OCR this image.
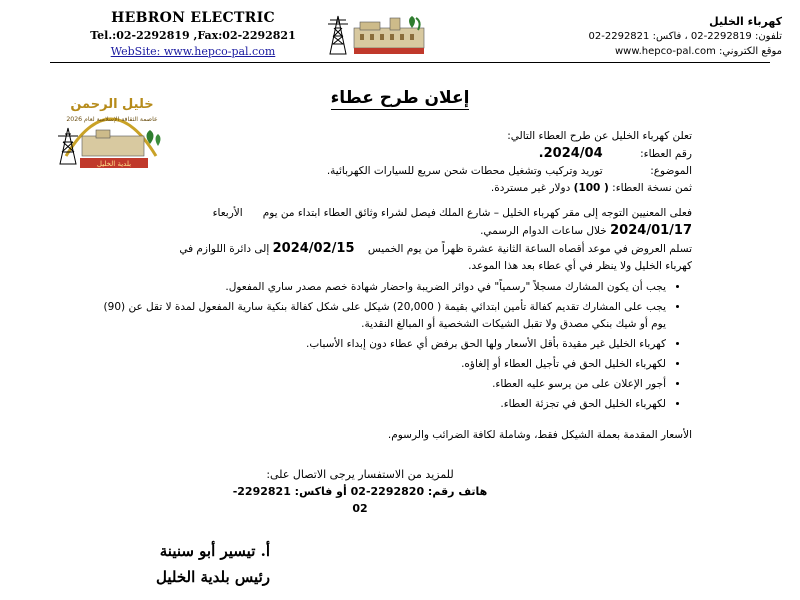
HEBRON ELECTRIC
Tel.:02-2292819 ,Fax:02-2292821
WebSite: www.hepco-pal.com
كهرباء الخليل
تلفون: 2292819-02 ، فاكس: 2292821-02
موقع الكتروني: www.hepco-pal.com
إعلان طرح عطاء
خليل الرحمن
عاصمة الثقافة الإسلامية لعام 2026
بلدية الخليل
تعلن كهرباء الخليل عن طرح العطاء التالي:
رقم العطاء: 2024/04.
الموضوع: توريد وتركيب وتشغيل محطات شحن سريع للسيارات الكهربائية.
ثمن نسخة العطاء: ( 100) دولار غير مستردة.
فعلى المعنيين التوجه إلى مقر كهرباء الخليل – شارع الملك فيصل لشراء وثائق العطاء ابتداء من يوم      الأربعاء
2024/01/17 خلال ساعات الدوام الرسمي.
تسلم العروض في موعد أقصاه الساعة الثانية عشرة ظهراً من يوم الخميس    2024/02/15 إلى دائرة اللوازم في
كهرباء الخليل ولا ينظر في أي عطاء بعد هذا الموعد.
• يجب أن يكون المشارك مسجلاً "رسمياً" في دوائر الضريبة واحضار شهادة خصم مصدر ساري المفعول.
• يجب على المشارك تقديم كفالة تأمين ابتدائي بقيمة ( 20,000) شيكل على شكل كفالة بنكية سارية المفعول لمدة لا تقل عن (90) يوم أو شيك بنكي مصدق ولا تقبل الشيكات الشخصية أو المبالغ النقدية.
• كهرباء الخليل غير مقيدة بأقل الأسعار ولها الحق برفض أي عطاء دون إبداء الأسباب.
• لكهرباء الخليل الحق في تأجيل العطاء أو إلغاؤه.
• أجور الإعلان على من يرسو عليه العطاء.
• لكهرباء الخليل الحق في تجزئة العطاء.
الأسعار المقدمة بعملة الشيكل فقط، وشاملة لكافة الضرائب والرسوم.
للمزيد من الاستفسار يرجى الاتصال على:
هاتف رقم: 2292820-02 أو فاكس: 2292821-02
أ. تيسير أبو سنينة
رئيس بلدية الخليل
